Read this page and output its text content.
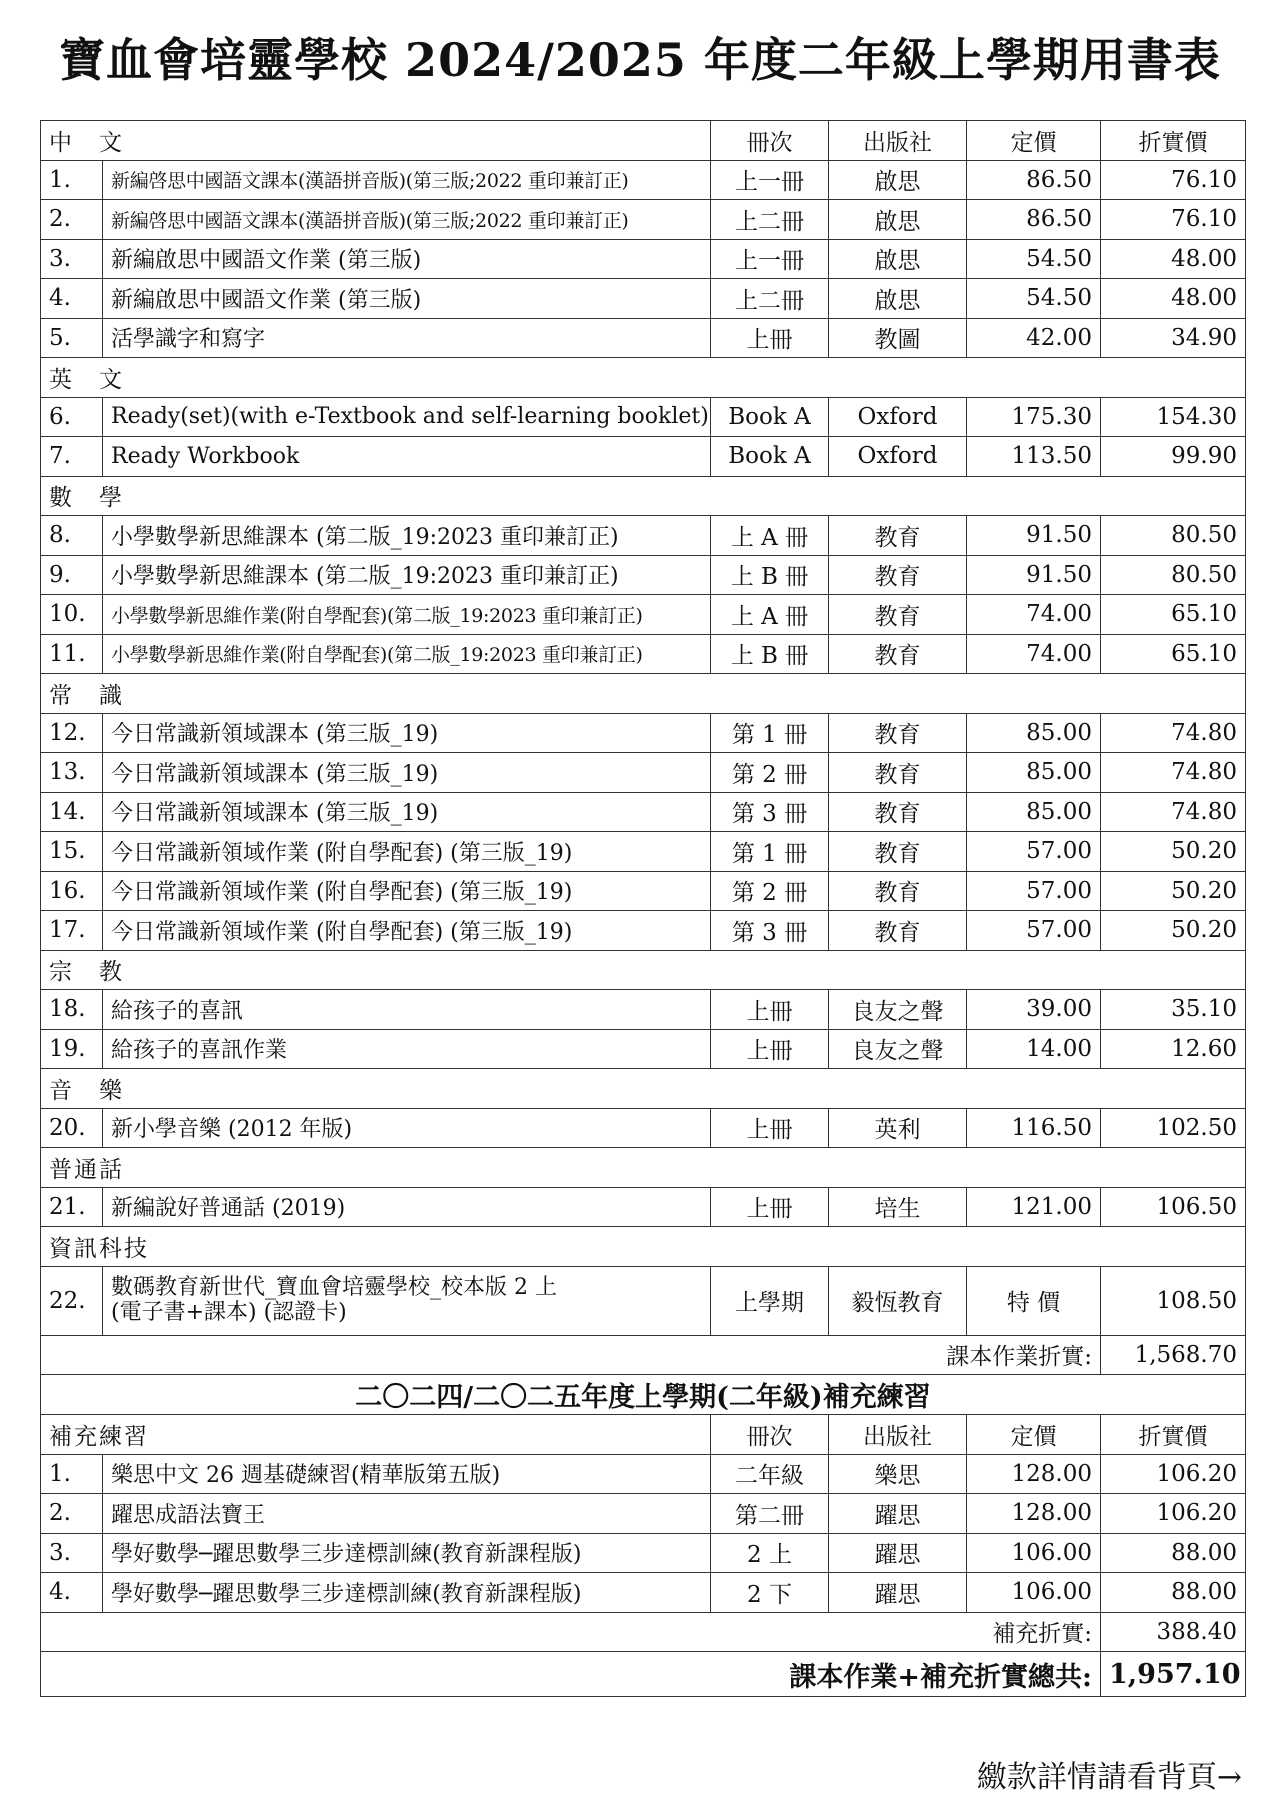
寶血會培靈學校 2024/2025 年度二年級上學期用書表
中　文		冊次	出版社	定價	折實價
1.	新編啓思中國語文課本(漢語拼音版)(第三版;2022 重印兼訂正)	上一冊	啟思	86.50	76.10
2.	新編啓思中國語文課本(漢語拼音版)(第三版;2022 重印兼訂正)	上二冊	啟思	86.50	76.10
3.	新編啟思中國語文作業 (第三版)	上一冊	啟思	54.50	48.00
4.	新編啟思中國語文作業 (第三版)	上二冊	啟思	54.50	48.00
5.	活學識字和寫字	上冊	教圖	42.00	34.90
英　文					
6.	Ready(set)(with e-Textbook and self-learning booklet)	Book A	Oxford	175.30	154.30
7.	Ready Workbook	Book A	Oxford	113.50	99.90
數　學					
8.	小學數學新思維課本 (第二版_19:2023 重印兼訂正)	上 A 冊	教育	91.50	80.50
9.	小學數學新思維課本 (第二版_19:2023 重印兼訂正)	上 B 冊	教育	91.50	80.50
10.	小學數學新思維作業(附自學配套)(第二版_19:2023 重印兼訂正)	上 A 冊	教育	74.00	65.10
11.	小學數學新思維作業(附自學配套)(第二版_19:2023 重印兼訂正)	上 B 冊	教育	74.00	65.10
常　識					
12.	今日常識新領域課本 (第三版_19)	第 1 冊	教育	85.00	74.80
13.	今日常識新領域課本 (第三版_19)	第 2 冊	教育	85.00	74.80
14.	今日常識新領域課本 (第三版_19)	第 3 冊	教育	85.00	74.80
15.	今日常識新領域作業 (附自學配套) (第三版_19)	第 1 冊	教育	57.00	50.20
16.	今日常識新領域作業 (附自學配套) (第三版_19)	第 2 冊	教育	57.00	50.20
17.	今日常識新領域作業 (附自學配套) (第三版_19)	第 3 冊	教育	57.00	50.20
宗　教					
18.	給孩子的喜訊	上冊	良友之聲	39.00	35.10
19.	給孩子的喜訊作業	上冊	良友之聲	14.00	12.60
音　樂					
20.	新小學音樂 (2012 年版)	上冊	英利	116.50	102.50
普通話					
21.	新編說好普通話 (2019)	上冊	培生	121.00	106.50
資訊科技					
22.	數碼教育新世代_寶血會培靈學校_校本版 2 上
(電子書+課本) (認證卡)	上學期	毅恆教育	特 價	108.50
課本作業折實:					1,568.70
二〇二四/二〇二五年度上學期(二年級)補充練習					
補充練習		冊次	出版社	定價	折實價
1.	樂思中文 26 週基礎練習(精華版第五版)	二年級	樂思	128.00	106.20
2.	躍思成語法寶王	第二冊	躍思	128.00	106.20
3.	學好數學─躍思數學三步達標訓練(教育新課程版)	2 上	躍思	106.00	88.00
4.	學好數學─躍思數學三步達標訓練(教育新課程版)	2 下	躍思	106.00	88.00
補充折實:					388.40
課本作業+補充折實總共:					1,957.10

繳款詳情請看背頁→
